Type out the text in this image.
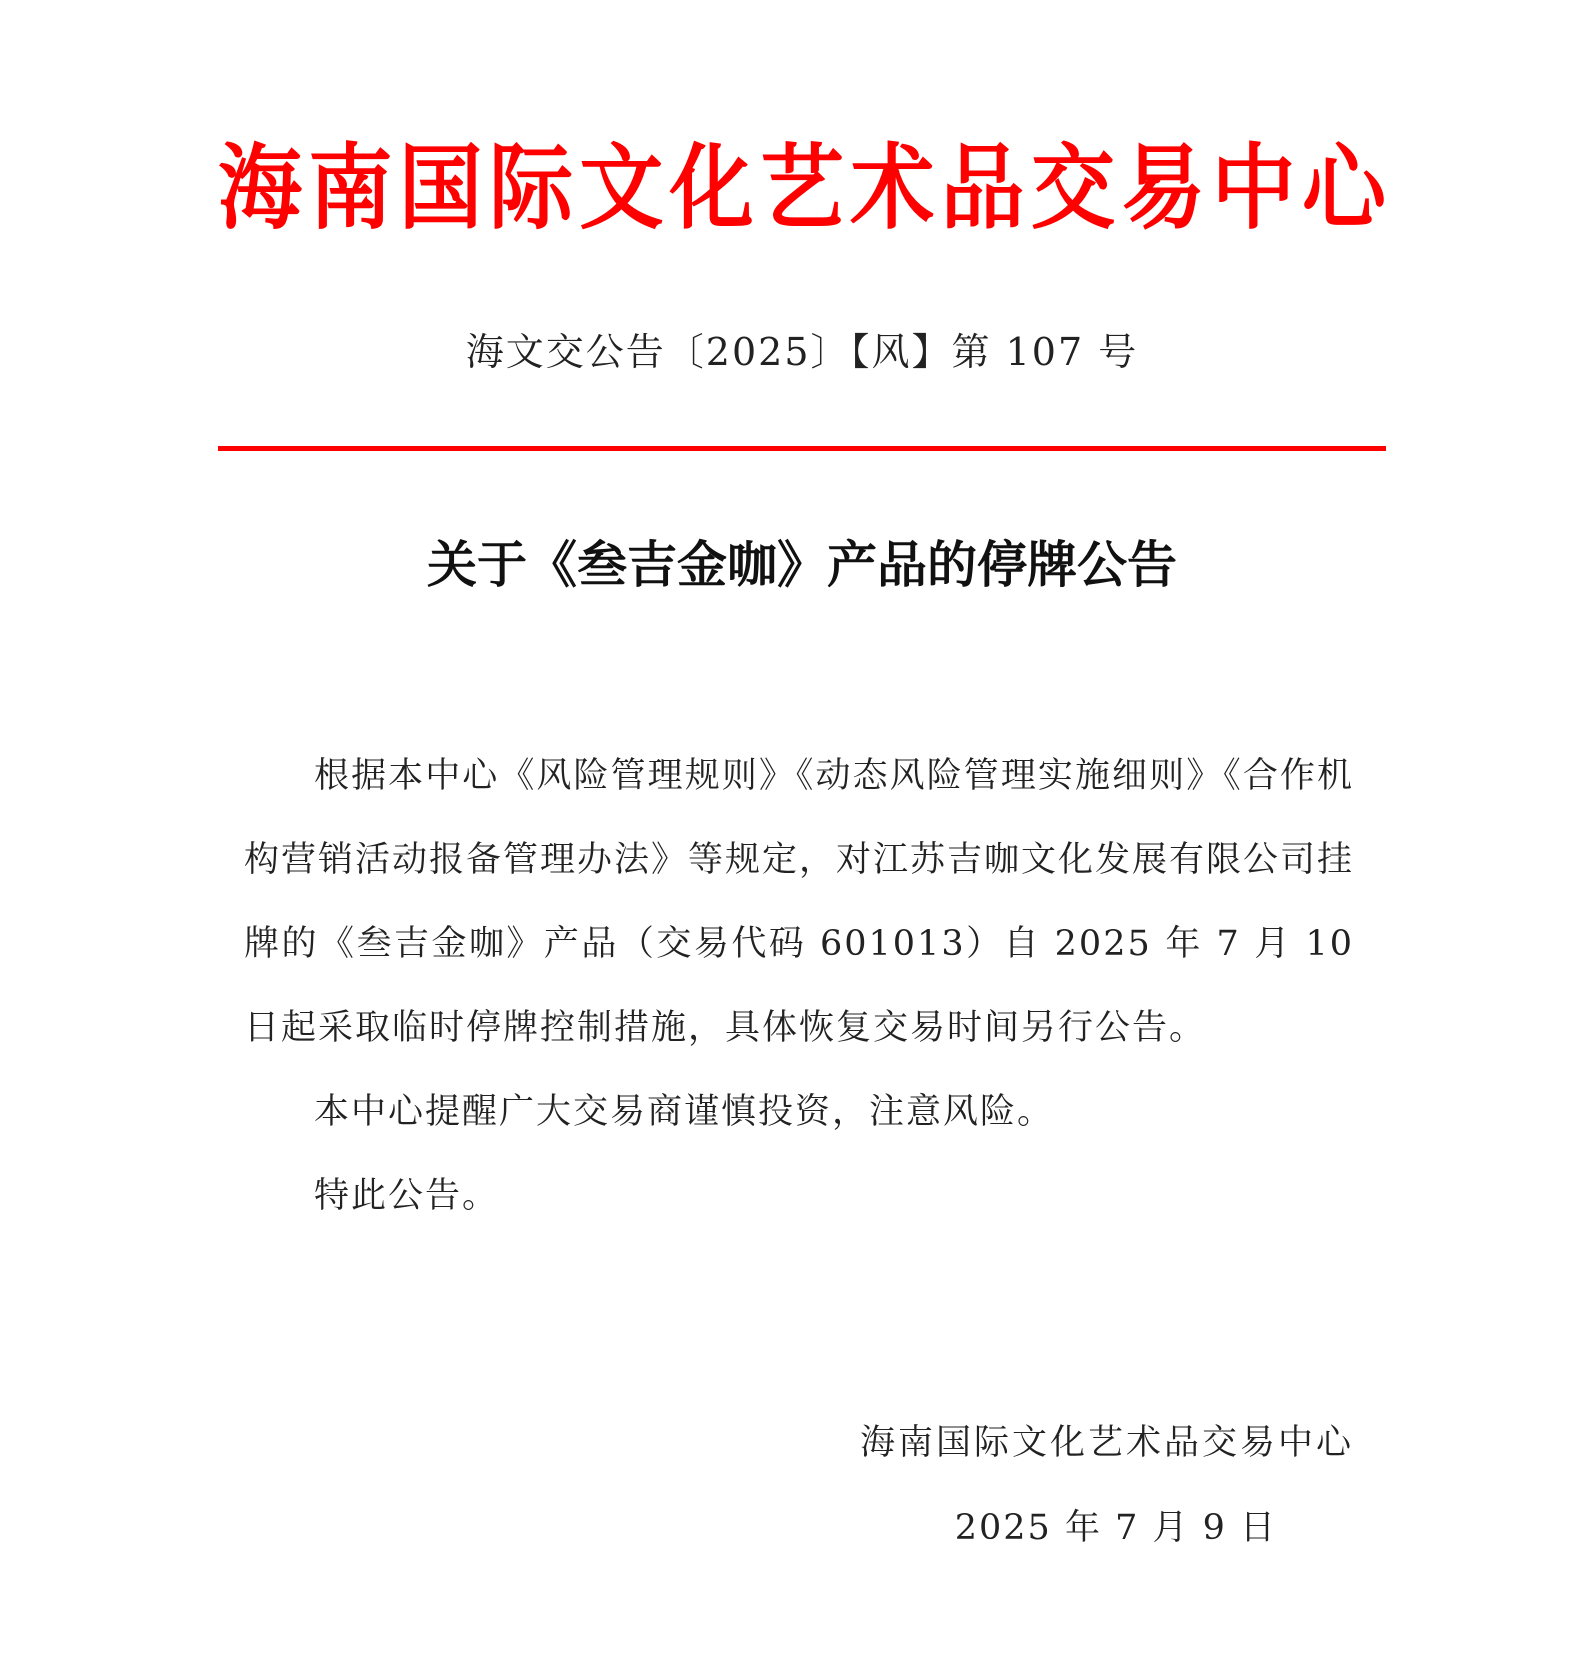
海 南 国 际 文 化 艺 术 品 交 易 中 心
海文交公告〔2025〕【风】第 107 号
关于《叁吉金咖》产品的停牌公告

根据本中心《风险管理规则》《动态风险管理实施细则》《合作机构营销活动报备管理办法》等规定，对江苏吉咖文化发展有限公司挂牌的《叁吉金咖》产品（交易代码 601013）自 2025 年 7 月 10 日起采取临时停牌控制措施，具体恢复交易时间另行公告。

本中心提醒广大交易商谨慎投资，注意风险。

特此公告。

海南国际文化艺术品交易中心
2025 年 7 月 9 日
